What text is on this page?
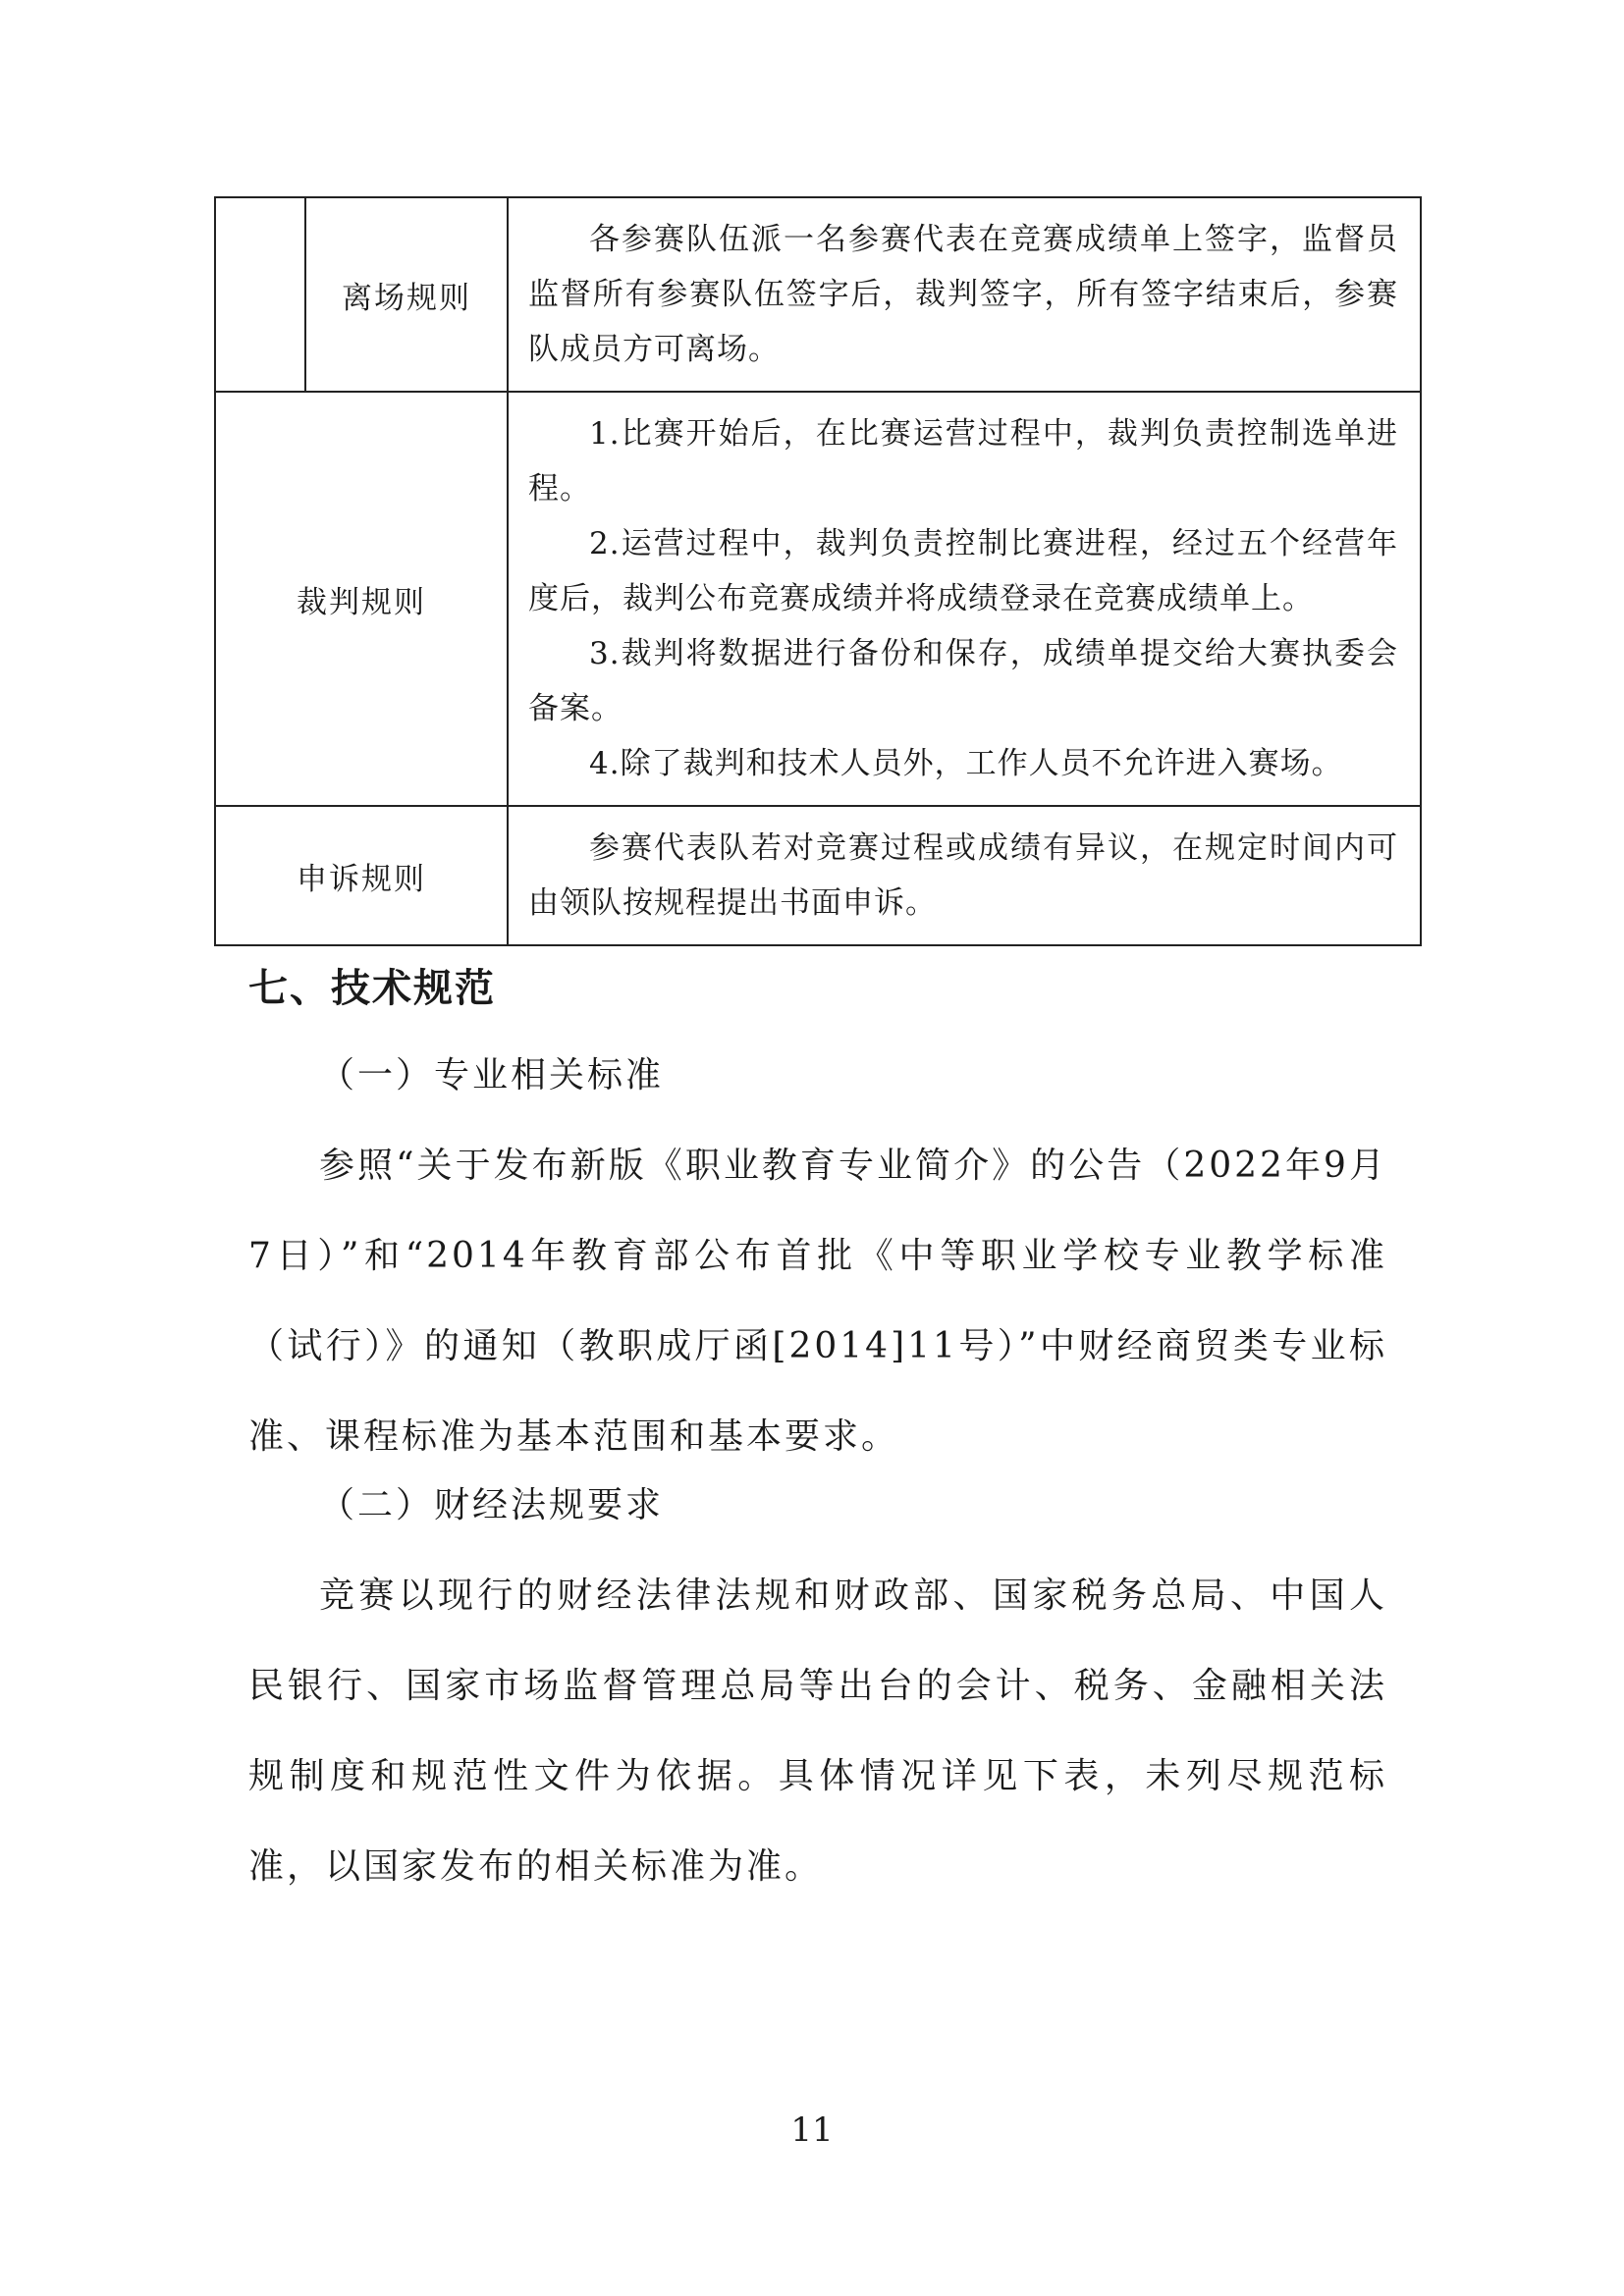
	离场规则	各参赛队伍派一名参赛代表在竞赛成绩单上签字，监督员监督所有参赛队伍签字后，裁判签字，所有签字结束后，参赛队成员方可离场。

裁判规则		1.比赛开始后，在比赛运营过程中，裁判负责控制选单进程。

2.运营过程中，裁判负责控制比赛进程，经过五个经营年度后，裁判公布竞赛成绩并将成绩登录在竞赛成绩单上。

3.裁判将数据进行备份和保存，成绩单提交给大赛执委会备案。

4.除了裁判和技术人员外，工作人员不允许进入赛场。

申诉规则		参赛代表队若对竞赛过程或成绩有异议，在规定时间内可由领队按规程提出书面申诉。

七、技术规范

（一）专业相关标准

参照“关于发布新版《职业教育专业简介》的公告（2022年9月7日）”和“2014年教育部公布首批《中等职业学校专业教学标准（试行）》的通知（教职成厅函[2014]11号）”中财经商贸类专业标准、课程标准为基本范围和基本要求。

（二）财经法规要求

竞赛以现行的财经法律法规和财政部、国家税务总局、中国人民银行、国家市场监督管理总局等出台的会计、税务、金融相关法规制度和规范性文件为依据。具体情况详见下表，未列尽规范标准，以国家发布的相关标准为准。

11
